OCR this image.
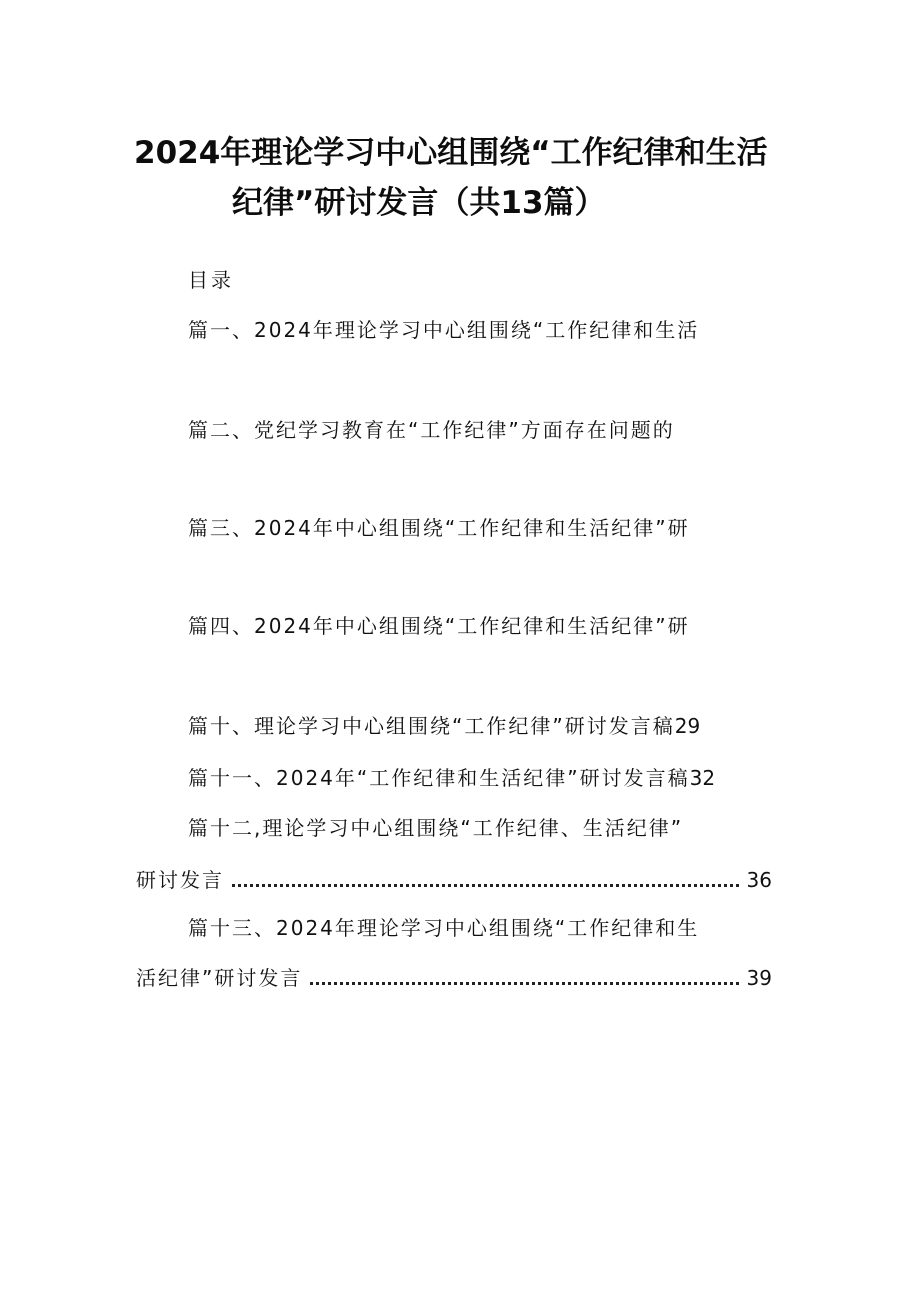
2024年理论学习中心组围绕“工作纪律和生活
纪律”研讨发言（共13篇）
目录
篇一、2024年理论学习中心组围绕“工作纪律和生活
篇二、党纪学习教育在“工作纪律”方面存在问题的
篇三、2024年中心组围绕“工作纪律和生活纪律”研
篇四、2024年中心组围绕“工作纪律和生活纪律”研
篇十、理论学习中心组围绕“工作纪律”研讨发言稿29
篇十一、2024年“工作纪律和生活纪律”研讨发言稿32
篇十二,理论学习中心组围绕“工作纪律、生活纪律”
研讨发言	36
篇十三、2024年理论学习中心组围绕“工作纪律和生
活纪律”研讨发言	39
